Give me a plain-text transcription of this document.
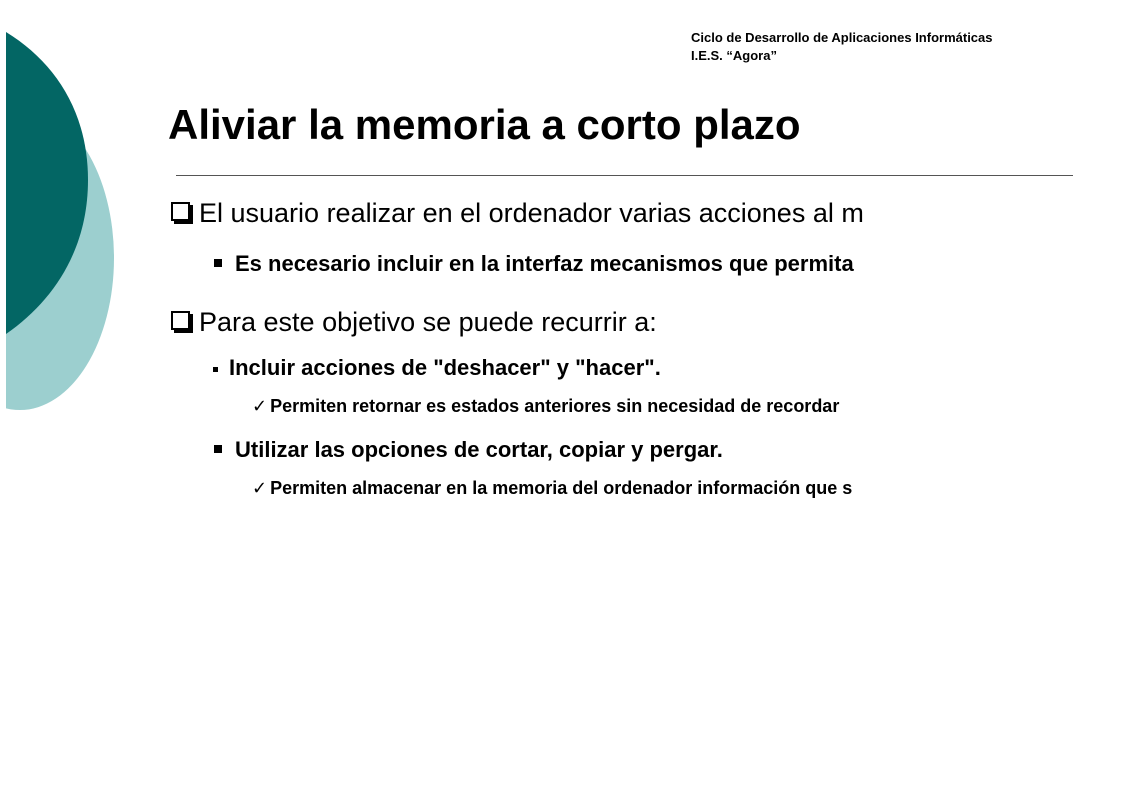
Ciclo de Desarrollo de Aplicaciones Informáticas
I.E.S. “Agora”
Aliviar la memoria a corto plazo
El usuario realizar en el ordenador varias acciones al m
Es necesario incluir en la interfaz mecanismos que permita
Para este objetivo se puede recurrir a:
Incluir acciones de "deshacer" y "hacer".
✓ Permiten retornar es estados anteriores sin necesidad de recordar
Utilizar las opciones de cortar, copiar y pergar.
✓ Permiten almacenar en la memoria del ordenador información que s
